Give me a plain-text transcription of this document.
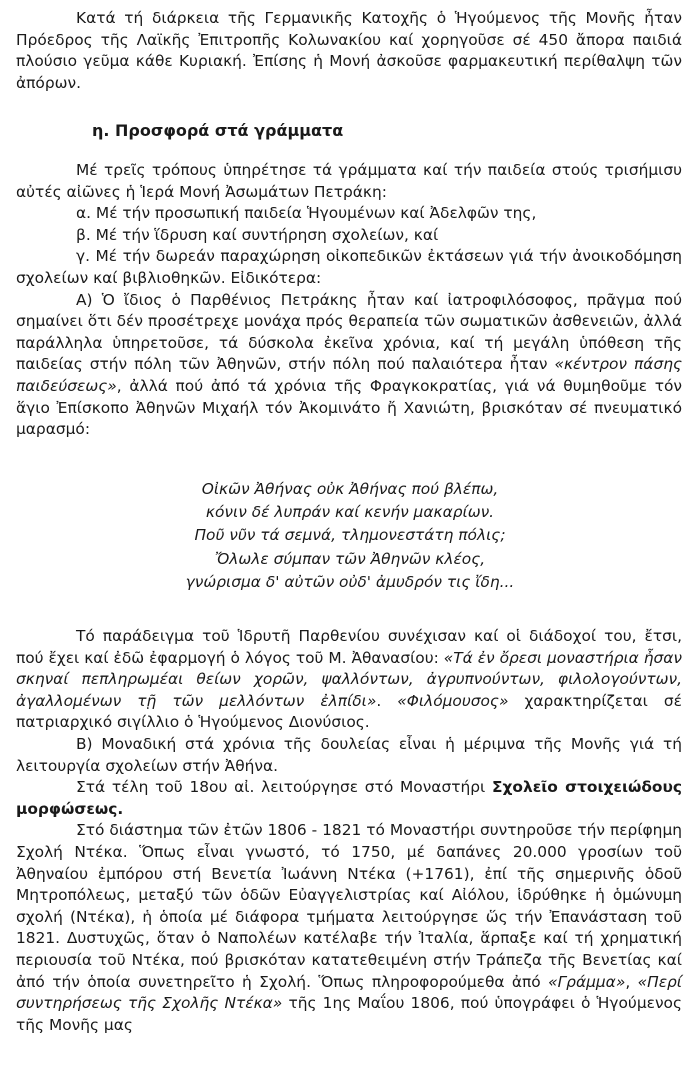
Κατά τή διάρκεια τῆς Γερμανικῆς Κατοχῆς ὁ Ἡγούμενος τῆς Μονῆς ἦταν Πρόεδρος τῆς Λαϊκῆς Ἐπιτροπῆς Κολωνακίου καί χορηγοῦσε σέ 450 ἄπορα παιδιά πλούσιο γεῦμα κάθε Κυριακή. Ἐπίσης ἡ Μονή ἀσκοῦσε φαρμακευτική περίθαλψη τῶν ἀπόρων.

η. Προσφορά στά γράμματα

Μέ τρεῖς τρόπους ὑπηρέτησε τά γράμματα καί τήν παιδεία στούς τρισήμισυ αὐτές αἰῶνες ἡ Ἱερά Μονή Ἀσωμάτων Πετράκη:

α. Μέ τήν προσωπική παιδεία Ἡγουμένων καί Ἀδελφῶν της,

β. Μέ τήν ἵδρυση καί συντήρηση σχολείων, καί

γ. Μέ τήν δωρεάν παραχώρηση οἰκοπεδικῶν ἐκτάσεων γιά τήν ἀνοικοδόμηση σχολείων καί βιβλιοθηκῶν. Εἰδικότερα:

Α) Ὁ ἴδιος ὁ Παρθένιος Πετράκης ἦταν καί ἰατροφιλόσοφος, πρᾶγμα πού σημαίνει ὅτι δέν προσέτρεχε μονάχα πρός θεραπεία τῶν σωματικῶν ἀσθενειῶν, ἀλλά παράλληλα ὑπηρετοῦσε, τά δύσκολα ἐκεῖνα χρόνια, καί τή μεγάλη ὑπόθεση τῆς παιδείας στήν πόλη τῶν Ἀθηνῶν, στήν πόλη πού παλαιότερα ἦταν «κέντρον πάσης παιδεύσεως», ἀλλά πού ἀπό τά χρόνια τῆς Φραγκοκρατίας, γιά νά θυμηθοῦμε τόν ἅγιο Ἐπίσκοπο Ἀθηνῶν Μιχαήλ τόν Ἀκομινάτο ἤ Χανιώτη, βρισκόταν σέ πνευματικό μαρασμό:

Οἰκῶν Ἀθήνας οὐκ Ἀθήνας πού βλέπω,
κόνιν δέ λυπράν καί κενήν μακαρίων.
Ποῦ νῦν τά σεμνά, τλημονεστάτη πόλις;
Ὄλωλε σύμπαν τῶν Ἀθηνῶν κλέος,
γνώρισμα δ' αὐτῶν οὐδ' ἀμυδρόν τις ἴδη...

Τό παράδειγμα τοῦ Ἱδρυτῆ Παρθενίου συνέχισαν καί οἱ διάδοχοί του, ἔτσι, πού ἔχει καί ἐδῶ ἐφαρμογή ὁ λόγος τοῦ Μ. Ἀθανασίου: «Τά ἐν ὄρεσι μοναστήρια ἦσαν σκηναί πεπληρωμέαι θείων χορῶν, ψαλλόντων, ἀγρυπνούντων, φιλολογούντων, ἀγαλλομένων τῇ τῶν μελλόντων ἐλπίδι». «Φιλόμουσος» χαρακτηρίζεται σέ πατριαρχικό σιγίλλιο ὁ Ἡγούμενος Διονύσιος.

Β) Μοναδική στά χρόνια τῆς δουλείας εἶναι ἡ μέριμνα τῆς Μονῆς γιά τή λειτουργία σχολείων στήν Ἀθήνα.

Στά τέλη τοῦ 18ου αἰ. λειτούργησε στό Μοναστήρι Σχολεῖο στοιχειώδους μορφώσεως.

Στό διάστημα τῶν ἐτῶν 1806 - 1821 τό Μοναστήρι συντηροῦσε τήν περίφημη Σχολή Ντέκα. Ὅπως εἶναι γνωστό, τό 1750, μέ δαπάνες 20.000 γροσίων τοῦ Ἀθηναίου ἐμπόρου στή Βενετία Ἰωάννη Ντέκα (+1761), ἐπί τῆς σημερινῆς ὁδοῦ Μητροπόλεως, μεταξύ τῶν ὁδῶν Εὐαγγελιστρίας καί Αἰόλου, ἱδρύθηκε ἡ ὁμώνυμη σχολή (Ντέκα), ἡ ὁποία μέ διάφορα τμήματα λειτούργησε ὥς τήν Ἐπανάσταση τοῦ 1821. Δυστυχῶς, ὅταν ὁ Ναπολέων κατέλαβε τήν Ἰταλία, ἅρπαξε καί τή χρηματική περιουσία τοῦ Ντέκα, πού βρισκόταν κατατεθειμένη στήν Τράπεζα τῆς Βενετίας καί ἀπό τήν ὁποία συνετηρεῖτο ἡ Σχολή. Ὅπως πληροφορούμεθα ἀπό «Γράμμα», «Περί συντηρήσεως τῆς Σχολῆς Ντέκα» τῆς 1ης Μαΐου 1806, πού ὑπογράφει ὁ Ἡγούμενος τῆς Μονῆς μας
